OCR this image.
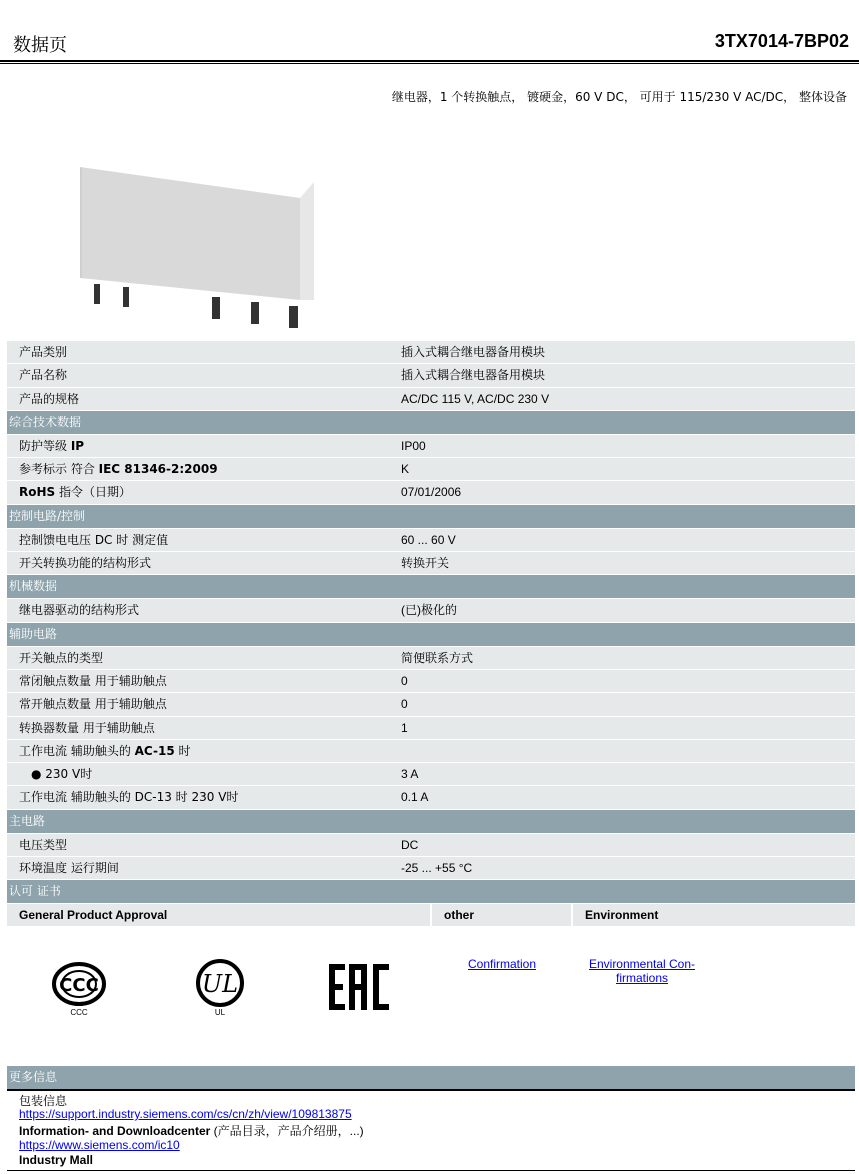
数据页	3TX7014-7BP02
继电器，1 个转换触点， 镀硬金，60 V DC， 可用于 115/230 V AC/DC， 整体设备
产品类别	插入式耦合继电器备用模块
产品名称	插入式耦合继电器备用模块
产品的规格	AC/DC 115 V, AC/DC 230 V
综合技术数据
防护等级 IP	IP00
参考标示 符合 IEC 81346-2:2009	K
RoHS 指令（日期）	07/01/2006
控制电路/控制
控制馈电电压 DC 时 测定值	60 ... 60 V
开关转换功能的结构形式	转换开关
机械数据
继电器驱动的结构形式	(已)极化的
辅助电路
开关触点的类型	简便联系方式
常闭触点数量 用于辅助触点	0
常开触点数量 用于辅助触点	0
转换器数量 用于辅助触点	1
工作电流 辅助触头的 AC-15 时
● 230 V时	3 A
工作电流 辅助触头的 DC-13 时 230 V时	0.1 A
主电路
电压类型	DC
环境温度 运行期间	-25 ... +55 °C
认可 证书
General Product Approval	other	Environment
CCC
CCC
UL
UL
Confirmation	Environmental Con-
firmations
更多信息
包装信息
https://support.industry.siemens.com/cs/cn/zh/view/109813875
Information- and Downloadcenter (产品目录，产品介绍册，...)
https://www.siemens.com/ic10
Industry Mall
